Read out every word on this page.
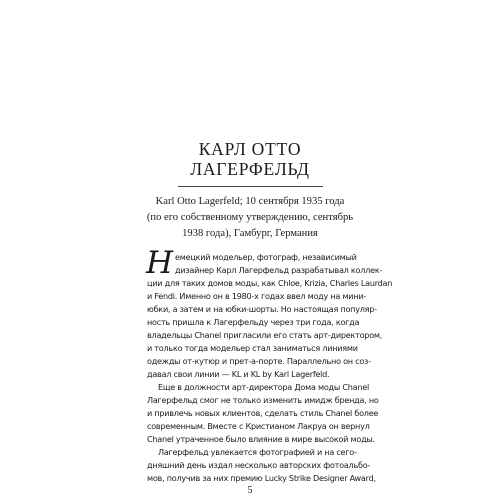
КАРЛ ОТТО
ЛАГЕРФЕЛЬД
Karl Otto Lagerfeld; 10 сентября 1935 года
(по его собственному утверждению, сентябрь
1938 года), Гамбург, Германия
Н емецкий модельер, фотограф, независимый
дизайнер Карл Лагерфельд разрабатывал коллек-
ции для таких домов моды, как Chloe, Krizia, Charles Laurdan
и Fendi. Именно он в 1980-х годах ввел моду на мини-
юбки, а затем и на юбки-шорты. Но настоящая популяр-
ность пришла к Лагерфельду через три года, когда
владельцы Chanel пригласили его стать арт-директором,
и только тогда модельер стал заниматься линиями
одежды от-кутюр и прет-а-порте. Параллельно он соз-
давал свои линии — KL и KL by Karl Lagerfeld.
Еще в должности арт-директора Дома моды Chanel
Лагерфельд смог не только изменить имидж бренда, но
и привлечь новых клиентов, сделать стиль Chanel более
современным. Вместе с Кристианом Лакруа он вернул
Chanel утраченное было влияние в мире высокой моды.
Лагерфельд увлекается фотографией и на сего-
дняшний день издал несколько авторских фотоальбо-
мов, получив за них премию Lucky Strike Designer Award,
5
